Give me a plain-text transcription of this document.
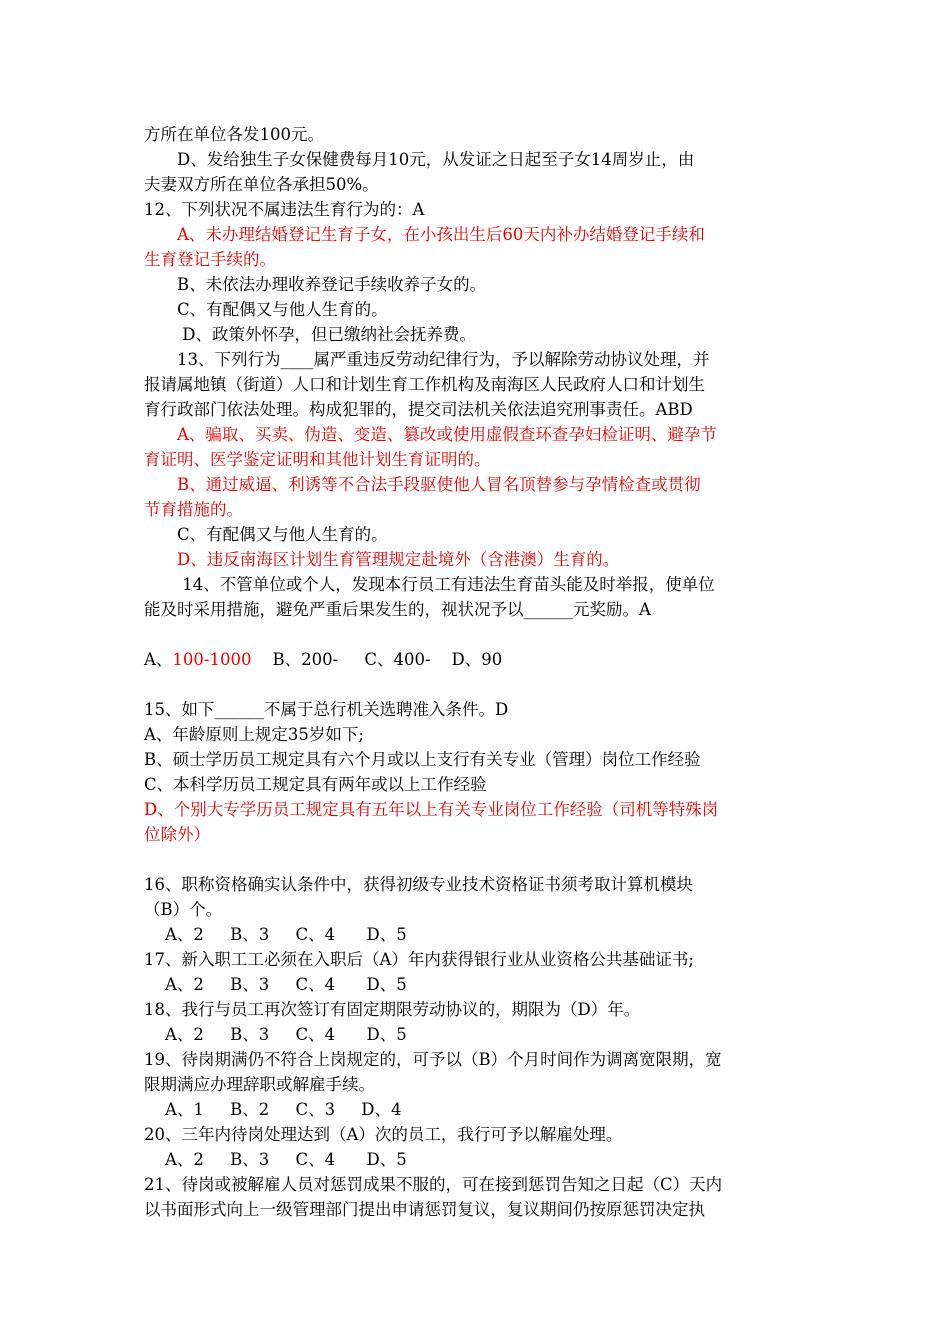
方所在单位各发100元。
　　D、发给独生子女保健费每月10元，从发证之日起至子女14周岁止，由
夫妻双方所在单位各承担50%。
12、下列状况不属违法生育行为的：A
　　A、未办理结婚登记生育子女，在小孩出生后60天内补办结婚登记手续和
生育登记手续的。
　　B、未依法办理收养登记手续收养子女的。
　　C、有配偶又与他人生育的。
　　 D、政策外怀孕，但已缴纳社会抚养费。
　　13、下列行为____属严重违反劳动纪律行为，予以解除劳动协议处理，并
报请属地镇（街道）人口和计划生育工作机构及南海区人民政府人口和计划生
育行政部门依法处理。构成犯罪的，提交司法机关依法追究刑事责任。ABD
　　A、骗取、买卖、伪造、变造、篡改或使用虚假查环查孕妇检证明、避孕节
育证明、医学鉴定证明和其他计划生育证明的。
　　B、通过威逼、利诱等不合法手段驱使他人冒名顶替参与孕情检查或贯彻
节育措施的。
　　C、有配偶又与他人生育的。
　　D、违反南海区计划生育管理规定赴境外（含港澳）生育的。
　　 14、不管单位或个人，发现本行员工有违法生育苗头能及时举报，使单位
能及时采用措施，避免严重后果发生的，视状况予以______元奖励。A
A、100-1000    B、200-     C、400-    D、90
15、如下______不属于总行机关选聘准入条件。D
A、年龄原则上规定35岁如下;
B、硕士学历员工规定具有六个月或以上支行有关专业（管理）岗位工作经验
C、本科学历员工规定具有两年或以上工作经验
D、个别大专学历员工规定具有五年以上有关专业岗位工作经验（司机等特殊岗
位除外）
16、职称资格确实认条件中，获得初级专业技术资格证书须考取计算机模块
（B）个。
A、2     B、3     C、4      D、5
17、新入职工工必须在入职后（A）年内获得银行业从业资格公共基础证书;
A、2     B、3     C、4      D、5
18、我行与员工再次签订有固定期限劳动协议的，期限为（D）年。
A、2     B、3     C、4      D、5
19、待岗期满仍不符合上岗规定的，可予以（B）个月时间作为调离宽限期，宽
限期满应办理辞职或解雇手续。
A、1     B、2     C、3     D、4
20、三年内待岗处理达到（A）次的员工，我行可予以解雇处理。
A、2     B、3     C、4      D、5
21、待岗或被解雇人员对惩罚成果不服的，可在接到惩罚告知之日起（C）天内
以书面形式向上一级管理部门提出申请惩罚复议，复议期间仍按原惩罚决定执
